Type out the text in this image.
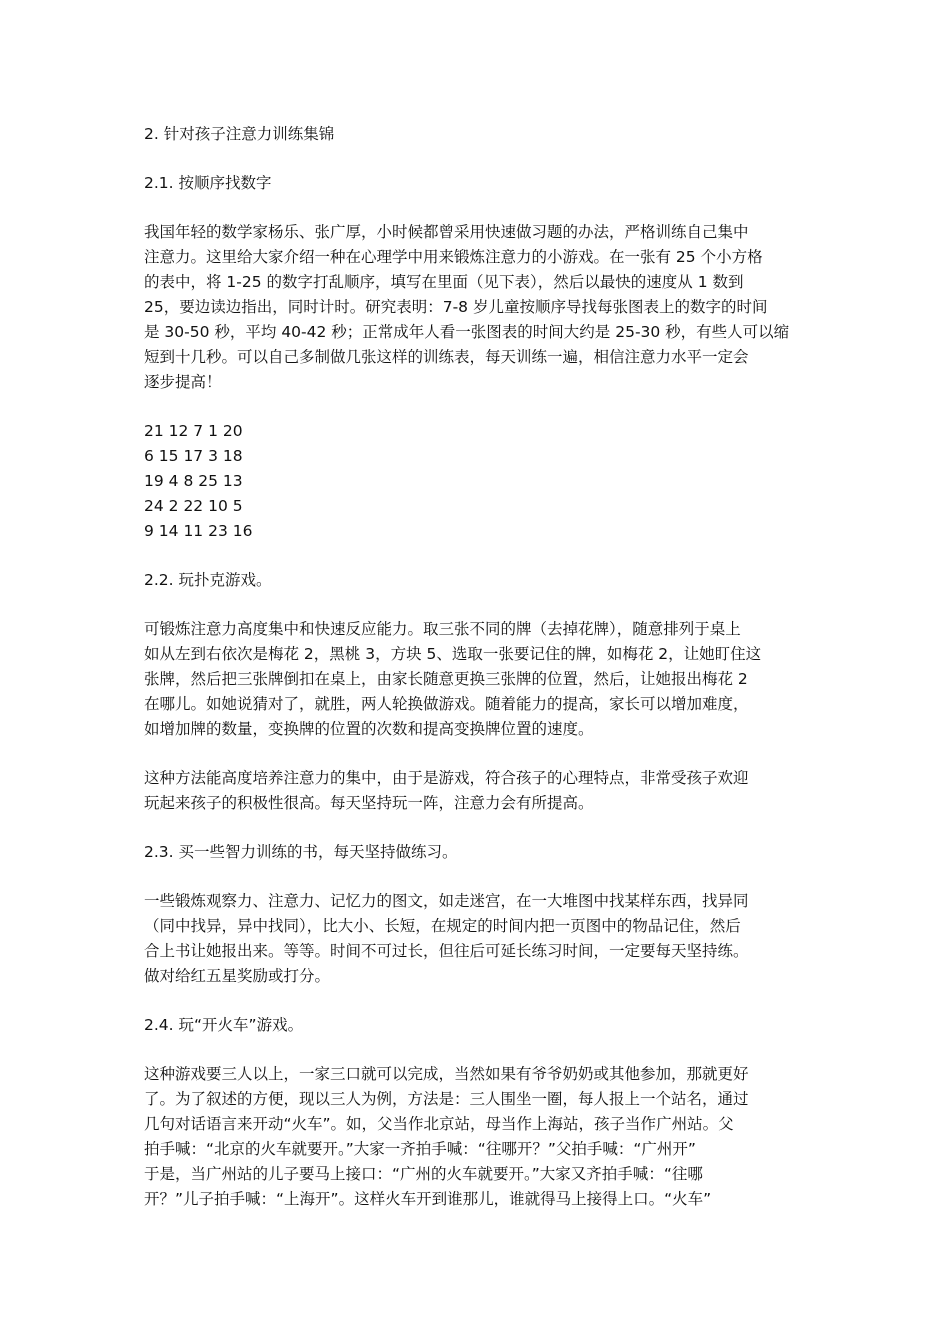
2. 针对孩子注意力训练集锦
2.1. 按顺序找数字
我国年轻的数学家杨乐、张广厚，小时候都曾采用快速做习题的办法，严格训练自己集中
注意力。这里给大家介绍一种在心理学中用来锻炼注意力的小游戏。在一张有 25 个小方格
的表中，将 1-25 的数字打乱顺序，填写在里面（见下表），然后以最快的速度从 1 数到
25，要边读边指出，同时计时。研究表明：7-8 岁儿童按顺序导找每张图表上的数字的时间
是 30-50 秒，平均 40-42 秒；正常成年人看一张图表的时间大约是 25-30 秒，有些人可以缩
短到十几秒。可以自己多制做几张这样的训练表，每天训练一遍，相信注意力水平一定会
逐步提高！
21 12 7 1 20
6 15 17 3 18
19 4 8 25 13
24 2 22 10 5
9 14 11 23 16
2.2. 玩扑克游戏。
可锻炼注意力高度集中和快速反应能力。取三张不同的牌（去掉花牌），随意排列于桌上
如从左到右依次是梅花 2，黑桃 3，方块 5、选取一张要记住的牌，如梅花 2，让她盯住这
张牌，然后把三张牌倒扣在桌上，由家长随意更换三张牌的位置，然后，让她报出梅花 2
在哪儿。如她说猜对了，就胜，两人轮换做游戏。随着能力的提高，家长可以增加难度，
如增加牌的数量，变换牌的位置的次数和提高变换牌位置的速度。
这种方法能高度培养注意力的集中，由于是游戏，符合孩子的心理特点，非常受孩子欢迎
玩起来孩子的积极性很高。每天坚持玩一阵，注意力会有所提高。
2.3. 买一些智力训练的书，每天坚持做练习。
一些锻炼观察力、注意力、记忆力的图文，如走迷宫，在一大堆图中找某样东西，找异同
（同中找异，异中找同），比大小、长短，在规定的时间内把一页图中的物品记住，然后
合上书让她报出来。等等。时间不可过长，但往后可延长练习时间，一定要每天坚持练。
做对给红五星奖励或打分。
2.4. 玩“开火车”游戏。
这种游戏要三人以上，一家三口就可以完成，当然如果有爷爷奶奶或其他参加，那就更好
了。为了叙述的方便，现以三人为例，方法是：三人围坐一圈，每人报上一个站名，通过
几句对话语言来开动“火车”。如，父当作北京站，母当作上海站，孩子当作广州站。父
拍手喊：“北京的火车就要开。”大家一齐拍手喊：“往哪开？”父拍手喊：“广州开”
于是，当广州站的儿子要马上接口：“广州的火车就要开。”大家又齐拍手喊：“往哪
开？”儿子拍手喊：“上海开”。这样火车开到谁那儿，谁就得马上接得上口。“火车”
